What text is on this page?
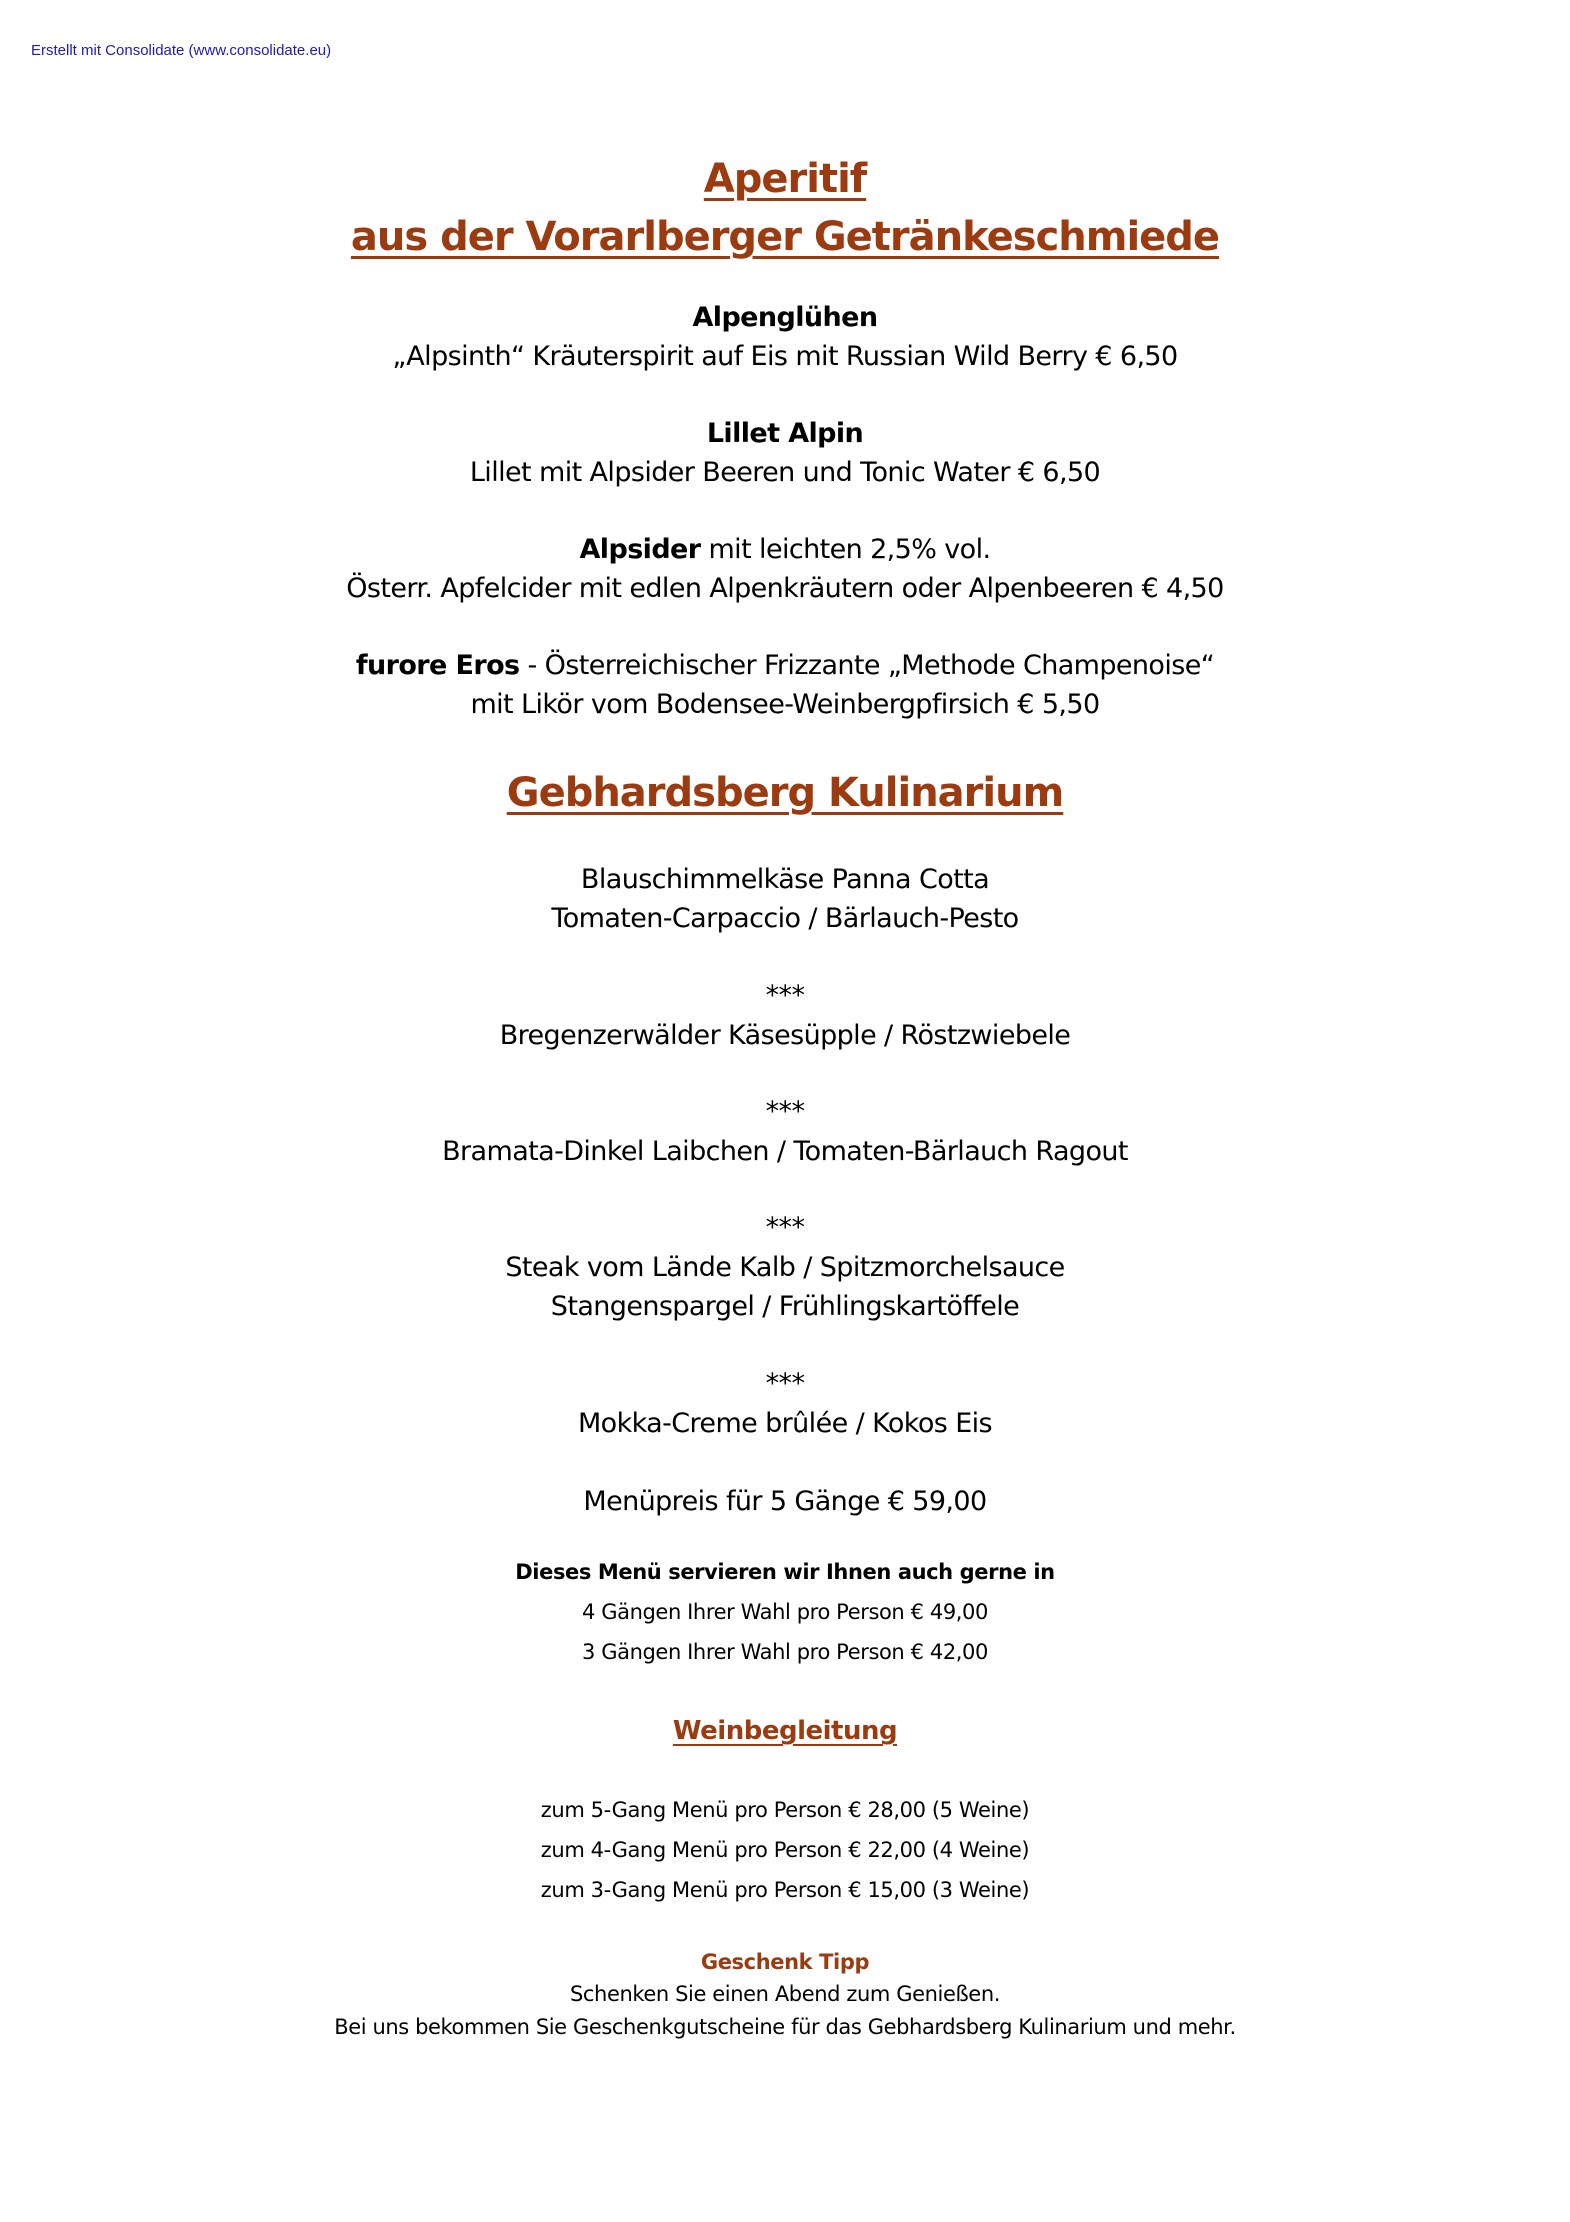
Erstellt mit Consolidate (www.consolidate.eu)
Aperitif
aus der Vorarlberger Getränkeschmiede
Alpenglühen
„Alpsinth“ Kräuterspirit auf Eis mit Russian Wild Berry € 6,50
Lillet Alpin
Lillet mit Alpsider Beeren und Tonic Water € 6,50
Alpsider mit leichten 2,5% vol.
Österr. Apfelcider mit edlen Alpenkräutern oder Alpenbeeren € 4,50
furore Eros - Österreichischer Frizzante „Methode Champenoise“
mit Likör vom Bodensee-Weinbergpfirsich € 5,50
Gebhardsberg Kulinarium
Blauschimmelkäse Panna Cotta
Tomaten-Carpaccio / Bärlauch-Pesto
***
Bregenzerwälder Käsesüpple / Röstzwiebele
***
Bramata-Dinkel Laibchen / Tomaten-Bärlauch Ragout
***
Steak vom Lände Kalb / Spitzmorchelsauce
Stangenspargel / Frühlingskartöffele
***
Mokka-Creme brûlée / Kokos Eis
Menüpreis für 5 Gänge € 59,00
Dieses Menü servieren wir Ihnen auch gerne in
4 Gängen Ihrer Wahl pro Person € 49,00
3 Gängen Ihrer Wahl pro Person € 42,00
Weinbegleitung
zum 5-Gang Menü pro Person € 28,00 (5 Weine)
zum 4-Gang Menü pro Person € 22,00 (4 Weine)
zum 3-Gang Menü pro Person € 15,00 (3 Weine)
Geschenk Tipp
Schenken Sie einen Abend zum Genießen.
Bei uns bekommen Sie Geschenkgutscheine für das Gebhardsberg Kulinarium und mehr.
